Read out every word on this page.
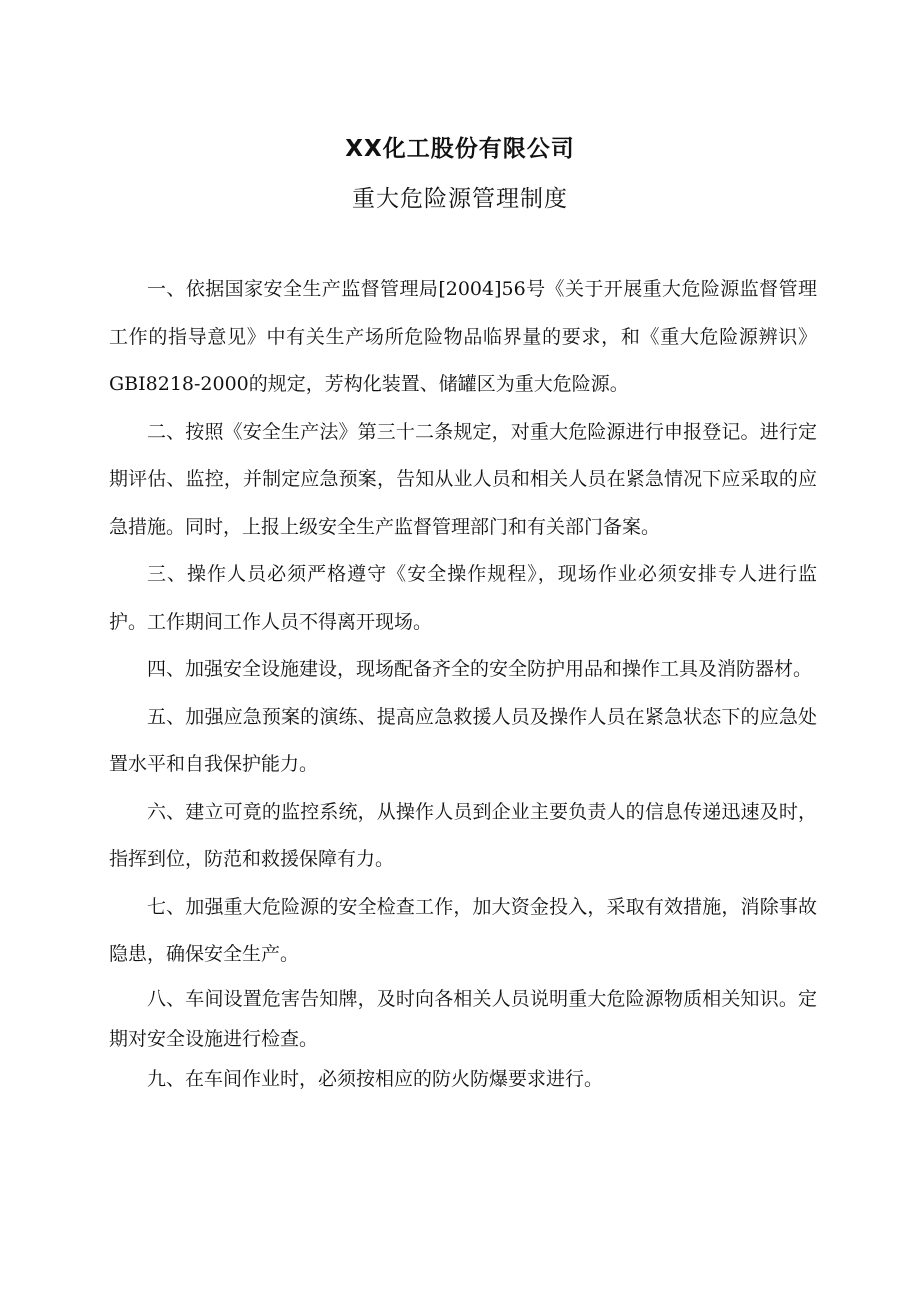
XX化工股份有限公司
重大危险源管理制度

一、依据国家安全生产监督管理局[2004]56号《关于开展重大危险源监督管理工作的指导意见》中有关生产场所危险物品临界量的要求，和《重大危险源辨识》GBI8218-2000的规定，芳构化装置、储罐区为重大危险源。

二、按照《安全生产法》第三十二条规定，对重大危险源进行申报登记。进行定期评估、监控，并制定应急预案，告知从业人员和相关人员在紧急情况下应采取的应急措施。同时，上报上级安全生产监督管理部门和有关部门备案。

三、操作人员必须严格遵守《安全操作规程》，现场作业必须安排专人进行监护。工作期间工作人员不得离开现场。

四、加强安全设施建设，现场配备齐全的安全防护用品和操作工具及消防器材。

五、加强应急预案的演练、提高应急救援人员及操作人员在紧急状态下的应急处置水平和自我保护能力。

六、建立可竟的监控系统，从操作人员到企业主要负责人的信息传递迅速及时，指挥到位，防范和救援保障有力。

七、加强重大危险源的安全检查工作，加大资金投入，采取有效措施，消除事故隐患，确保安全生产。

八、车间设置危害告知牌，及时向各相关人员说明重大危险源物质相关知识。定期对安全设施进行检查。

九、在车间作业时，必须按相应的防火防爆要求进行。
